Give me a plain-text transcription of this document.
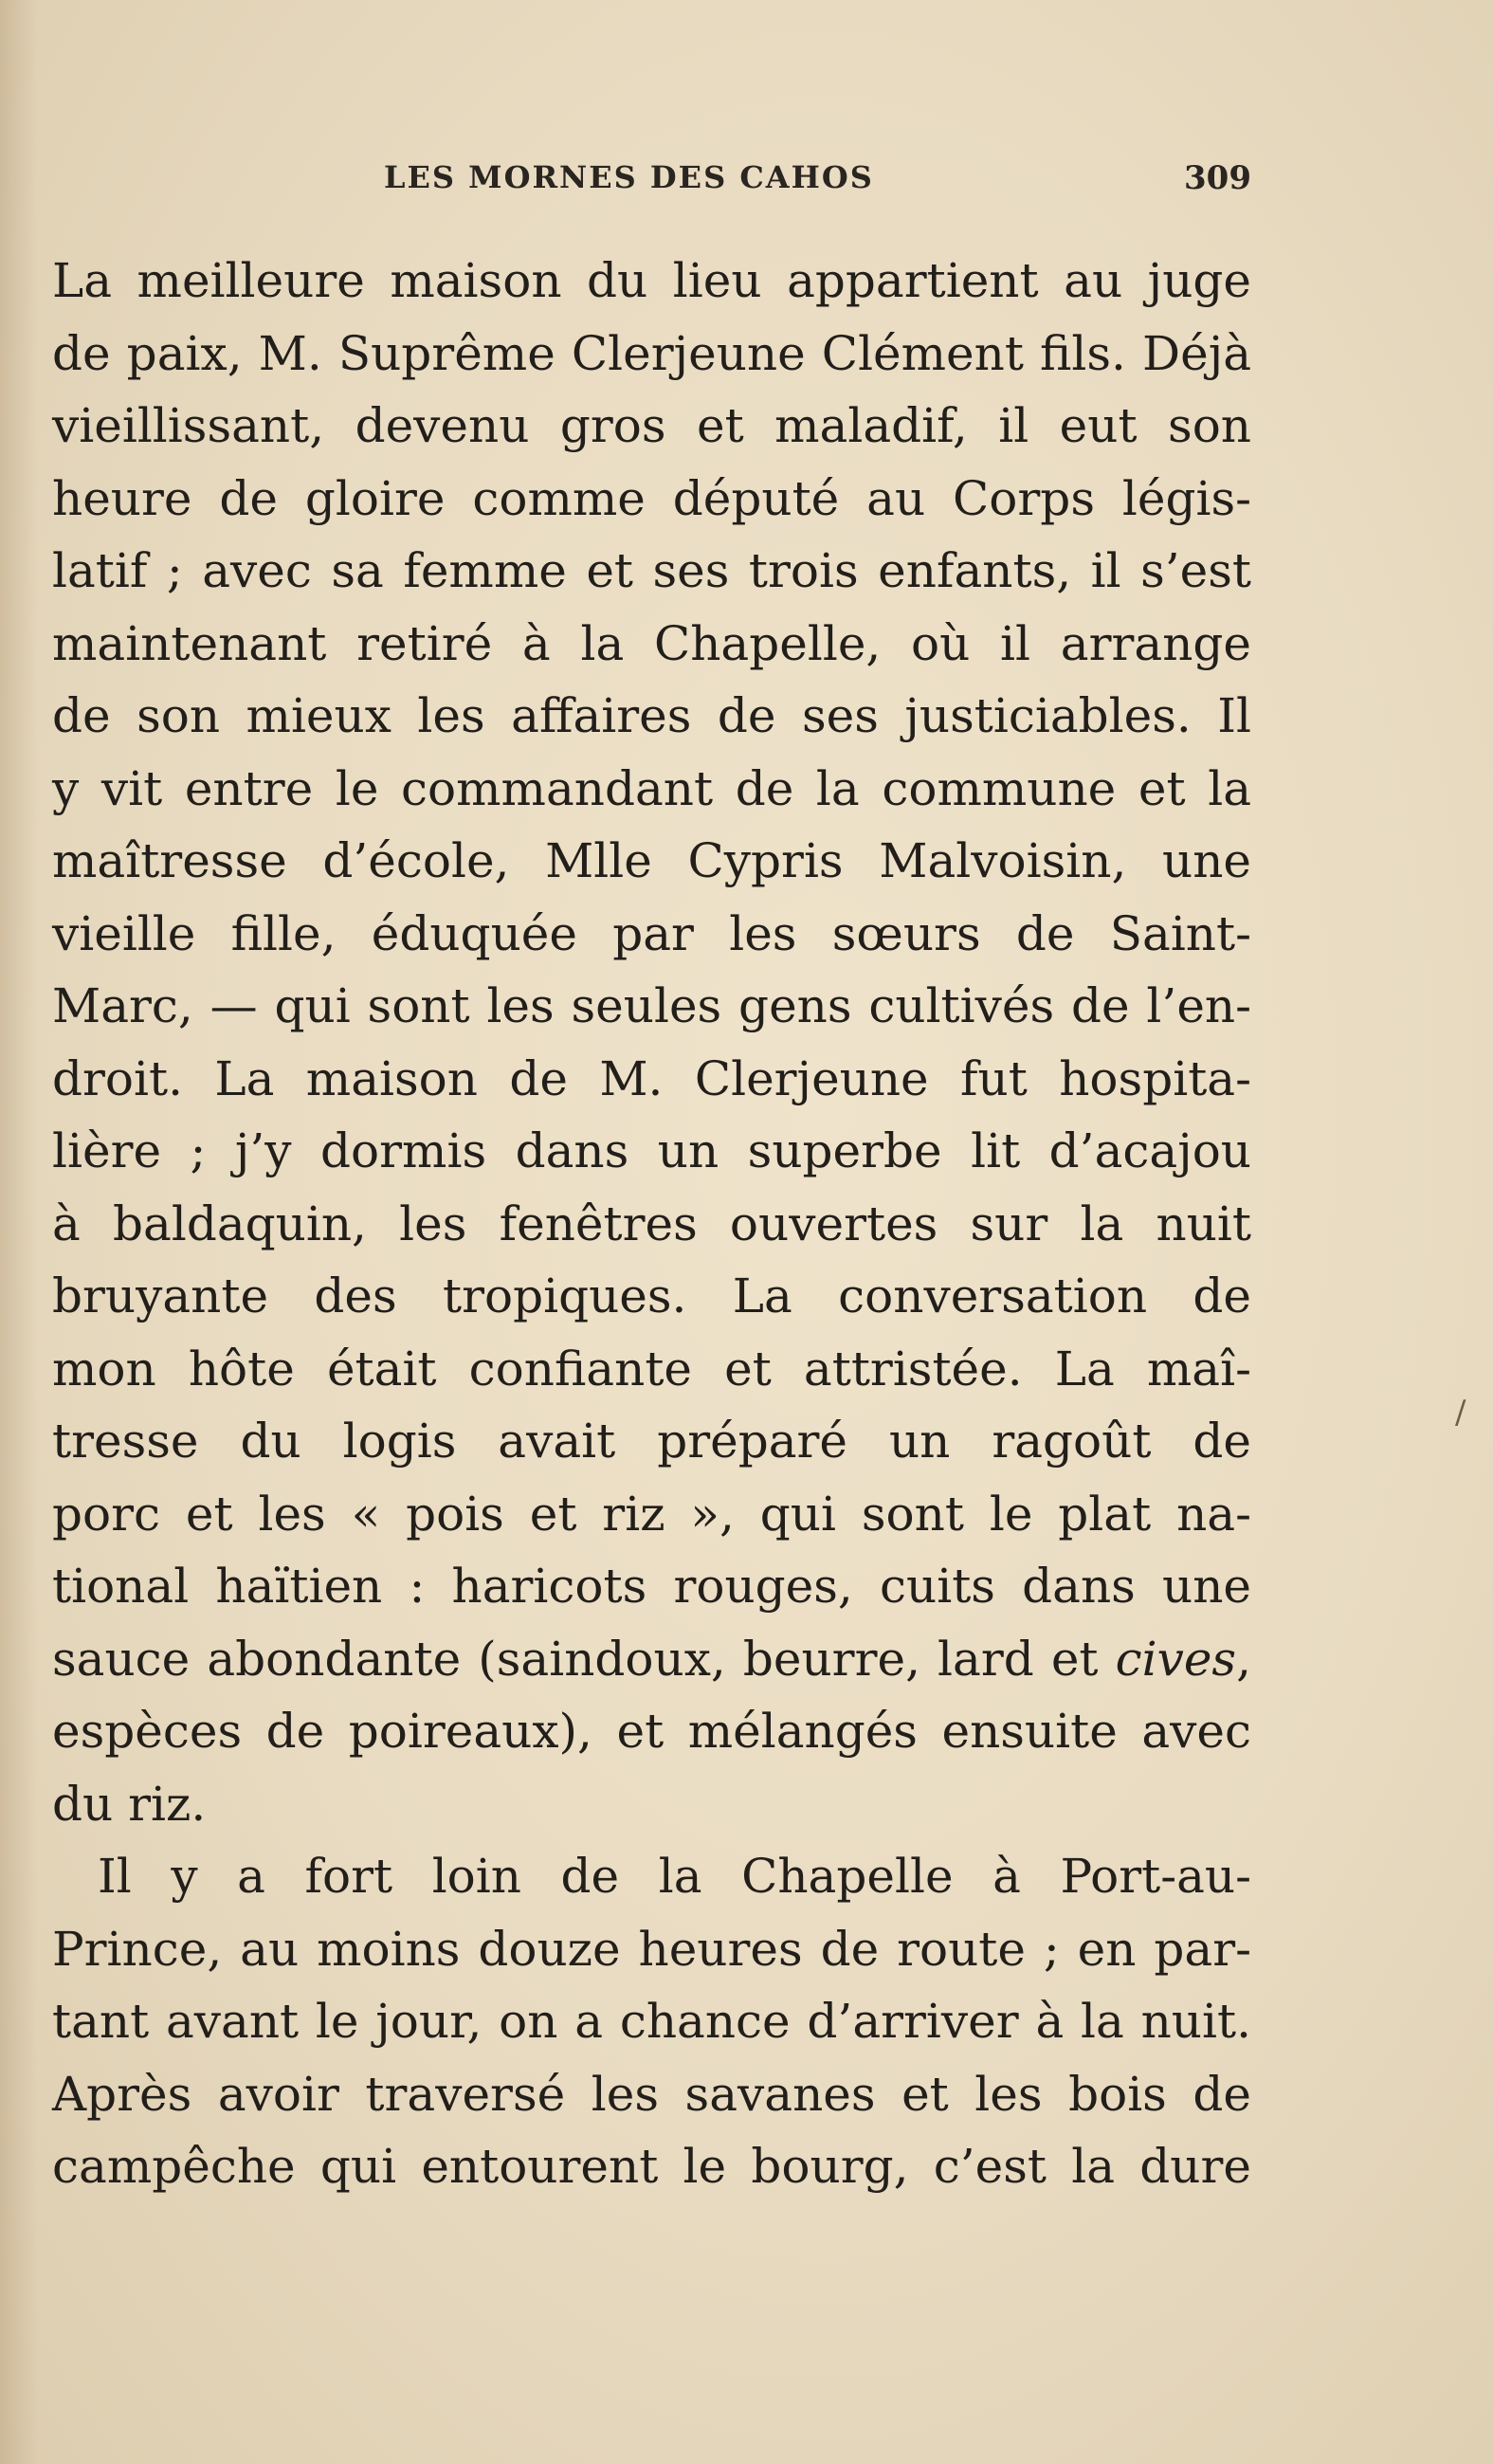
LES MORNES DES CAHOS	309
La meilleure maison du lieu appartient au juge
de paix, M. Suprême Clerjeune Clément fils. Déjà
vieillissant, devenu gros et maladif, il eut son
heure de gloire comme député au Corps légis-
latif ; avec sa femme et ses trois enfants, il s’est
maintenant retiré à la Chapelle, où il arrange
de son mieux les affaires de ses justiciables. Il
y vit entre le commandant de la commune et la
maîtresse d’école, Mlle Cypris Malvoisin, une
vieille fille, éduquée par les sœurs de Saint-
Marc, — qui sont les seules gens cultivés de l’en-
droit. La maison de M. Clerjeune fut hospita-
lière ; j’y dormis dans un superbe lit d’acajou
à baldaquin, les fenêtres ouvertes sur la nuit
bruyante des tropiques. La conversation de
mon hôte était confiante et attristée. La maî-
tresse du logis avait préparé un ragoût de
porc et les « pois et riz », qui sont le plat na-
tional haïtien : haricots rouges, cuits dans une
sauce abondante (saindoux, beurre, lard et cives,
espèces de poireaux), et mélangés ensuite avec
du riz.
Il y a fort loin de la Chapelle à Port-au-
Prince, au moins douze heures de route ; en par-
tant avant le jour, on a chance d’arriver à la nuit.
Après avoir traversé les savanes et les bois de
campêche qui entourent le bourg, c’est la dure
/
